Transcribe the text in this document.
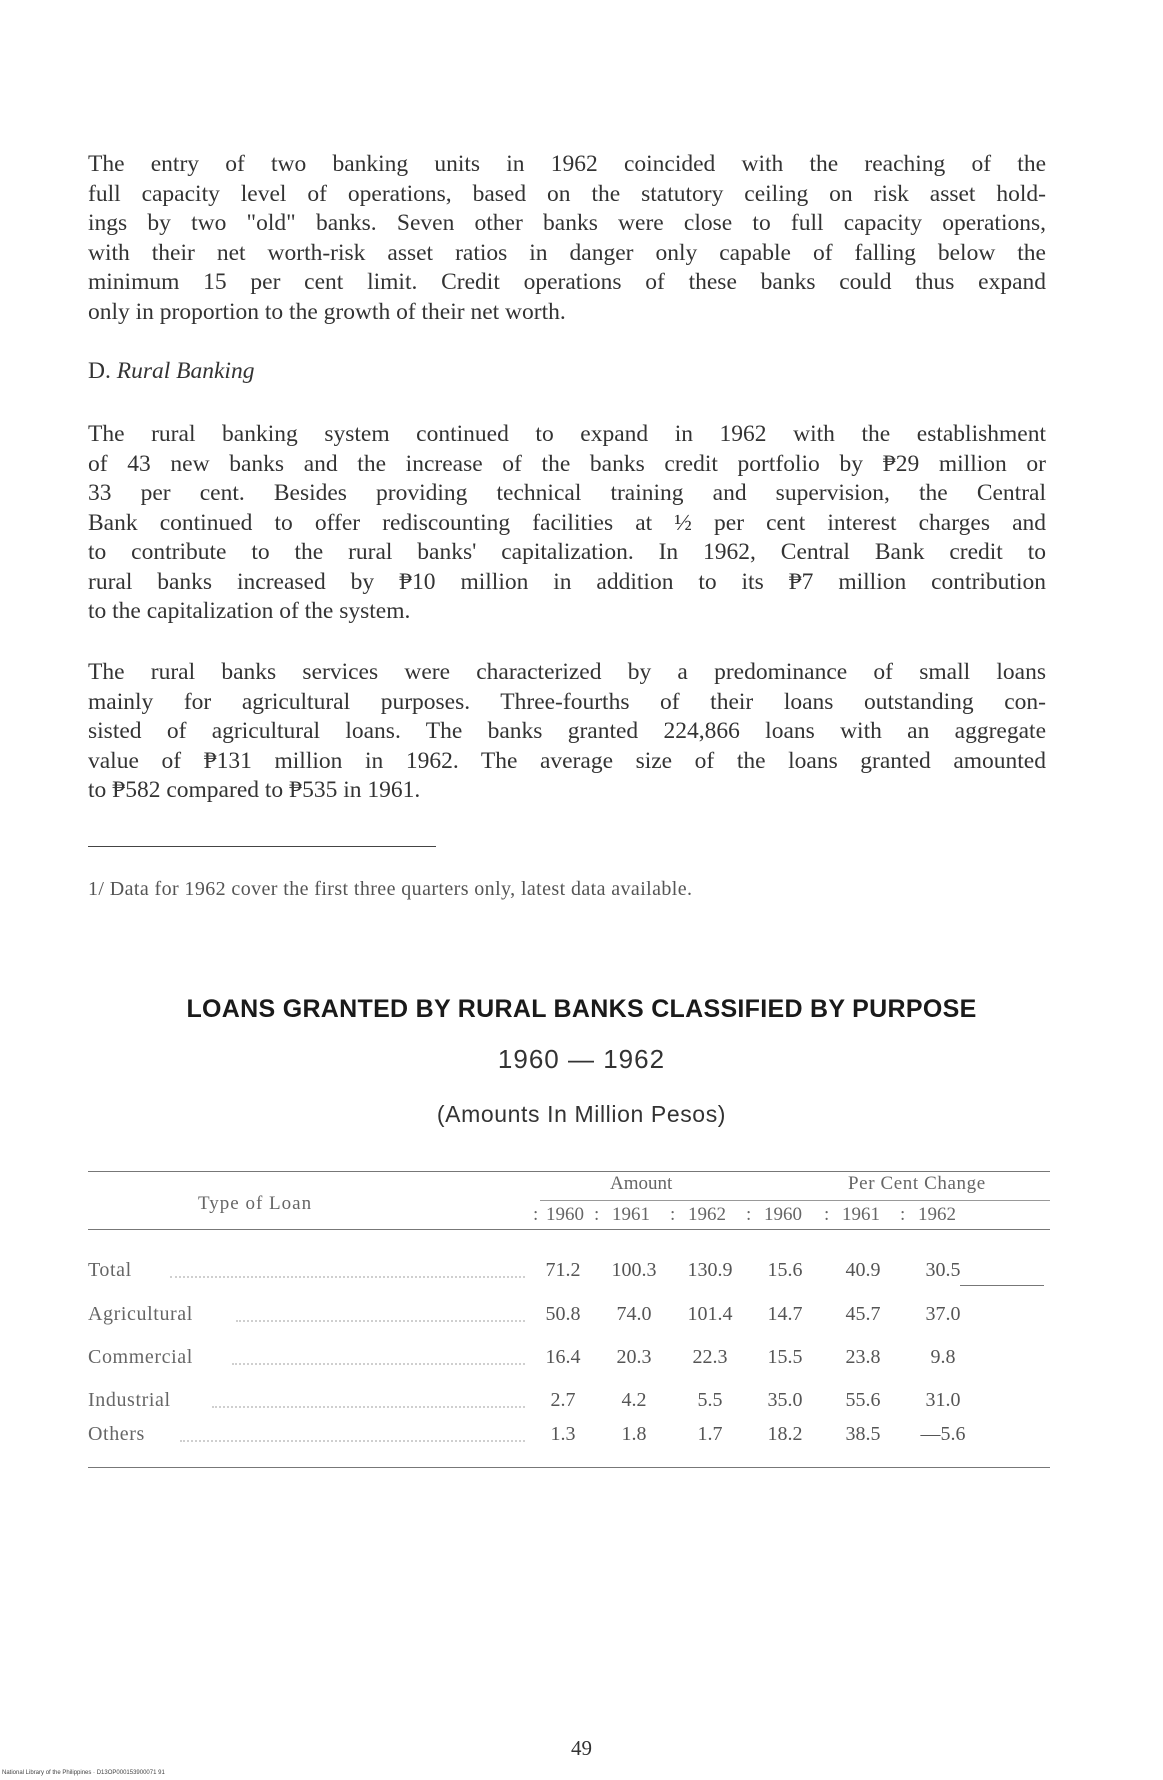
The entry of two banking units in 1962 coincided with the reaching of the
full capacity level of operations, based on the statutory ceiling on risk asset hold-
ings by two "old" banks. Seven other banks were close to full capacity operations,
with their net worth-risk asset ratios in danger only capable of falling below the
minimum 15 per cent limit. Credit operations of these banks could thus expand
only in proportion to the growth of their net worth.
D. Rural Banking
The rural banking system continued to expand in 1962 with the establishment
of 43 new banks and the increase of the banks credit portfolio by ₱29 million or
33 per cent. Besides providing technical training and supervision, the Central
Bank continued to offer rediscounting facilities at ½ per cent interest charges and
to contribute to the rural banks' capitalization. In 1962, Central Bank credit to
rural banks increased by ₱10 million in addition to its ₱7 million contribution
to the capitalization of the system.
The rural banks services were characterized by a predominance of small loans
mainly for agricultural purposes. Three-fourths of their loans outstanding con-
sisted of agricultural loans. The banks granted 224,866 loans with an aggregate
value of ₱131 million in 1962. The average size of the loans granted amounted
to ₱582 compared to ₱535 in 1961.
1/ Data for 1962 cover the first three quarters only, latest data available.
LOANS GRANTED BY RURAL BANKS CLASSIFIED BY PURPOSE
1960 — 1962
(Amounts In Million Pesos)
Type of Loan
Amount	Per Cent Change
: 1960 : 1961 : 1962 : 1960 : 1961 : 1962
Total	71.2	100.3	130.9	15.6	40.9	30.5
Agricultural	50.8	74.0	101.4	14.7	45.7	37.0
Commercial	16.4	20.3	22.3	15.5	23.8	9.8
Industrial	2.7	4.2	5.5	35.0	55.6	31.0
Others	1.3	1.8	1.7	18.2	38.5	—5.6
49
National Library of the Philippines · D13OP000153900071 91
